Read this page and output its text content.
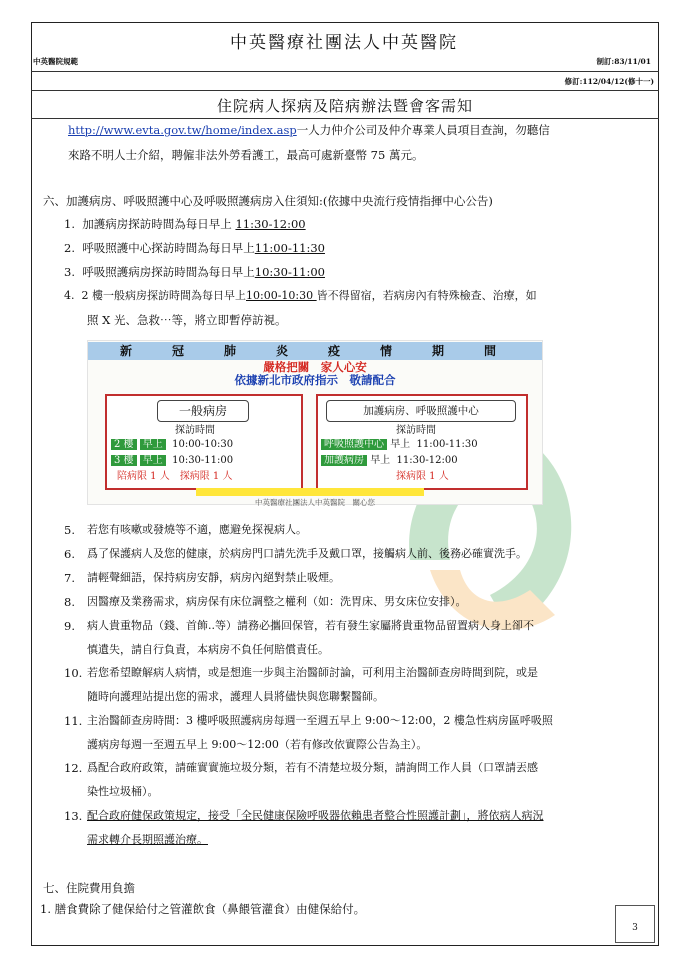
中英醫療社團法人中英醫院
中英醫院規範	制訂:83/11/01
修訂:112/04/12(修十一)
住院病人探病及陪病辦法暨會客需知
http://www.evta.gov.tw/home/index.asp一人力仲介公司及仲介專業人員項目查詢，勿聽信
來路不明人士介紹，聘僱非法外勞看護工，最高可處新臺幣 75 萬元。
六、加護病房、呼吸照護中心及呼吸照護病房入住須知:(依據中央流行疫情指揮中心公告)
1. 加護病房探訪時間為每日早上 11:30-12:00
2. 呼吸照護中心探訪時間為每日早上11:00-11:30
3. 呼吸照護病房探訪時間為每日早上10:30-11:00
4. 2 樓一般病房探訪時間為每日早上10:00-10:30 皆不得留宿，若病房內有特殊檢查、治療，如
照 X 光、急救⋯等，將立即暫停訪視。
新　冠　肺　炎　疫　情　期　間
嚴格把關　家人心安
依據新北市政府指示　敬請配合
一般病房
探訪時間
2 樓 早上 10:00-10:30
3 樓 早上 10:30-11:00
陪病限 1 人　探病限 1 人
加護病房、呼吸照護中心
探訪時間
呼吸照護中心 早上 11:00-11:30
加護病房 早上 11:30-12:00
探病限 1 人
中英醫療社團法人中英醫院　關心您
5. 若您有咳嗽或發燒等不適，應避免探視病人。
6. 爲了保護病人及您的健康，於病房門口請先洗手及戴口罩，接觸病人前、後務必確實洗手。
7. 請輕聲細語，保持病房安靜，病房內絕對禁止吸煙。
8. 因醫療及業務需求，病房保有床位調整之權利（如：洗胃床、男女床位安排）。
9. 病人貴重物品（錢、首飾..等）請務必攜回保管，若有發生家屬將貴重物品留置病人身上卻不
慎遺失，請自行負責，本病房不負任何賠償責任。
10. 若您希望瞭解病人病情，或是想進一步與主治醫師討論，可利用主治醫師查房時間到院，或是
隨時向護理站提出您的需求，護理人員將儘快與您聯繫醫師。
11. 主治醫師查房時間：3 樓呼吸照護病房每週一至週五早上 9:00～12:00，2 樓急性病房區呼吸照
護病房每週一至週五早上 9:00～12:00（若有修改依實際公告為主）。
12. 爲配合政府政策，請確實實施垃圾分類，若有不清楚垃圾分類，請詢問工作人員（口罩請丟感
染性垃圾桶）。
13. 配合政府健保政策規定，接受「全民健康保險呼吸器依賴患者整合性照護計劃」，將依病人病況
需求轉介長期照護治療。
七、住院費用負擔
1. 膳食費除了健保給付之管灌飲食（鼻餵管灌食）由健保給付。
3
